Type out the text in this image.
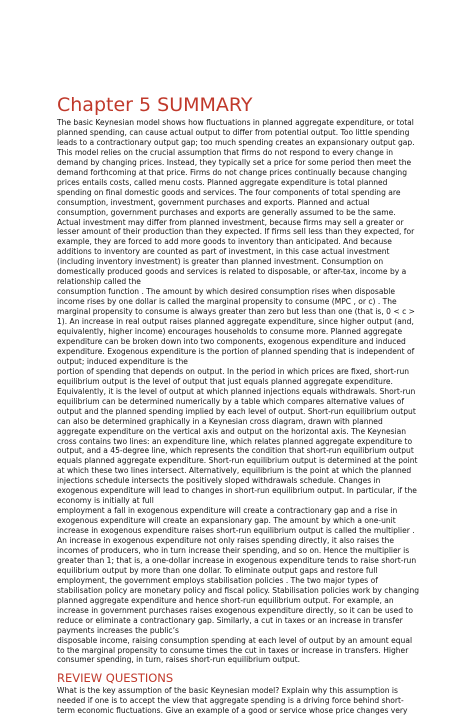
Chapter 5 SUMMARY

The basic Keynesian model shows how fluctuations in planned aggregate expenditure, or total planned spending, can cause actual output to differ from potential output. Too little spending leads to a contractionary output gap; too much spending creates an expansionary output gap. This model relies on the crucial assumption that firms do not respond to every change in demand by changing prices. Instead, they typically set a price for some period then meet the demand forthcoming at that price. Firms do not change prices continually because changing prices entails costs, called menu costs. Planned aggregate expenditure is total planned spending on final domestic goods and services. The four components of total spending are consumption, investment, government purchases and exports. Planned and actual consumption, government purchases and exports are generally assumed to be the same. Actual investment may differ from planned investment, because firms may sell a greater or lesser amount of their production than they expected. If firms sell less than they expected, for example, they are forced to add more goods to inventory than anticipated. And because additions to inventory are counted as part of investment, in this case actual investment (including inventory investment) is greater than planned investment. Consumption on domestically produced goods and services is related to disposable, or after-tax, income by a relationship called the

consumption function . The amount by which desired consumption rises when disposable income rises by one dollar is called the marginal propensity to consume (MPC , or c) . The marginal propensity to consume is always greater than zero but less than one (that is, 0 < c > 1). An increase in real output raises planned aggregate expenditure, since higher output (and, equivalently, higher income) encourages households to consume more. Planned aggregate expenditure can be broken down into two components, exogenous expenditure and induced expenditure. Exogenous expenditure is the portion of planned spending that is independent of output; induced expenditure is the

portion of spending that depends on output. In the period in which prices are fixed, short-run equilibrium output is the level of output that just equals planned aggregate expenditure. Equivalently, it is the level of output at which planned injections equals withdrawals. Short-run equilibrium can be determined numerically by a table which compares alternative values of output and the planned spending implied by each level of output. Short-run equilibrium output can also be determined graphically in a Keynesian cross diagram, drawn with planned aggregate expenditure on the vertical axis and output on the horizontal axis. The Keynesian cross contains two lines: an expenditure line, which relates planned aggregate expenditure to output, and a 45-degree line, which represents the condition that short-run equilibrium output equals planned aggregate expenditure. Short-run equilibrium output is determined at the point at which these two lines intersect. Alternatively, equilibrium is the point at which the planned injections schedule intersects the positively sloped withdrawals schedule. Changes in exogenous expenditure will lead to changes in short-run equilibrium output. In particular, if the economy is initially at full

employment a fall in exogenous expenditure will create a contractionary gap and a rise in exogenous expenditure will create an expansionary gap. The amount by which a one-unit increase in exogenous expenditure raises short-run equilibrium output is called the multiplier . An increase in exogenous expenditure not only raises spending directly, it also raises the incomes of producers, who in turn increase their spending, and so on. Hence the multiplier is greater than 1; that is, a one-dollar increase in exogenous expenditure tends to raise short-run equilibrium output by more than one dollar. To eliminate output gaps and restore full employment, the government employs stabilisation policies . The two major types of stabilisation policy are monetary policy and fiscal policy. Stabilisation policies work by changing planned aggregate expenditure and hence short-run equilibrium output. For example, an increase in government purchases raises exogenous expenditure directly, so it can be used to reduce or eliminate a contractionary gap. Similarly, a cut in taxes or an increase in transfer payments increases the public’s

disposable income, raising consumption spending at each level of output by an amount equal to the marginal propensity to consume times the cut in taxes or increase in transfers. Higher consumer spending, in turn, raises short-run equilibrium output.

REVIEW QUESTIONS

What is the key assumption of the basic Keynesian model? Explain why this assumption is needed if one is to accept the view that aggregate spending is a driving force behind short-term economic fluctuations. Give an example of a good or service whose price changes very
